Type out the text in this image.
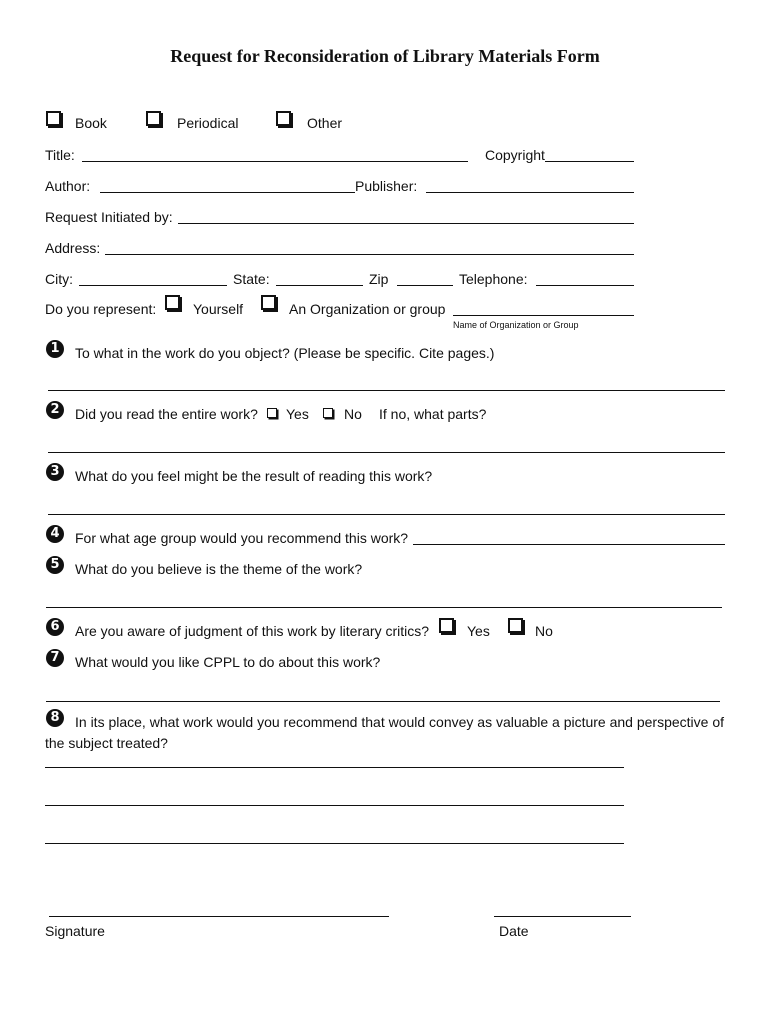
Request for Reconsideration of Library Materials Form
Book	Periodical	Other
Title:	Copyright
Author:	Publisher:
Request Initiated by:
Address:
City:	State:	Zip	Telephone:
Do you represent:	Yourself	An Organization or group
Name of Organization or Group
1	To what in the work do you object? (Please be specific. Cite pages.)
2	Did you read the entire work? Yes	No If no, what parts?
3	What do you feel might be the result of reading this work?
4	For what age group would you recommend this work?
5	What do you believe is the theme of the work?
6	Are you aware of judgment of this work by literary critics?	Yes	No
7	What would you like CPPL to do about this work?
8	In its place, what work would you recommend that would convey as valuable a picture and perspective of
the subject treated?
Signature	Date
